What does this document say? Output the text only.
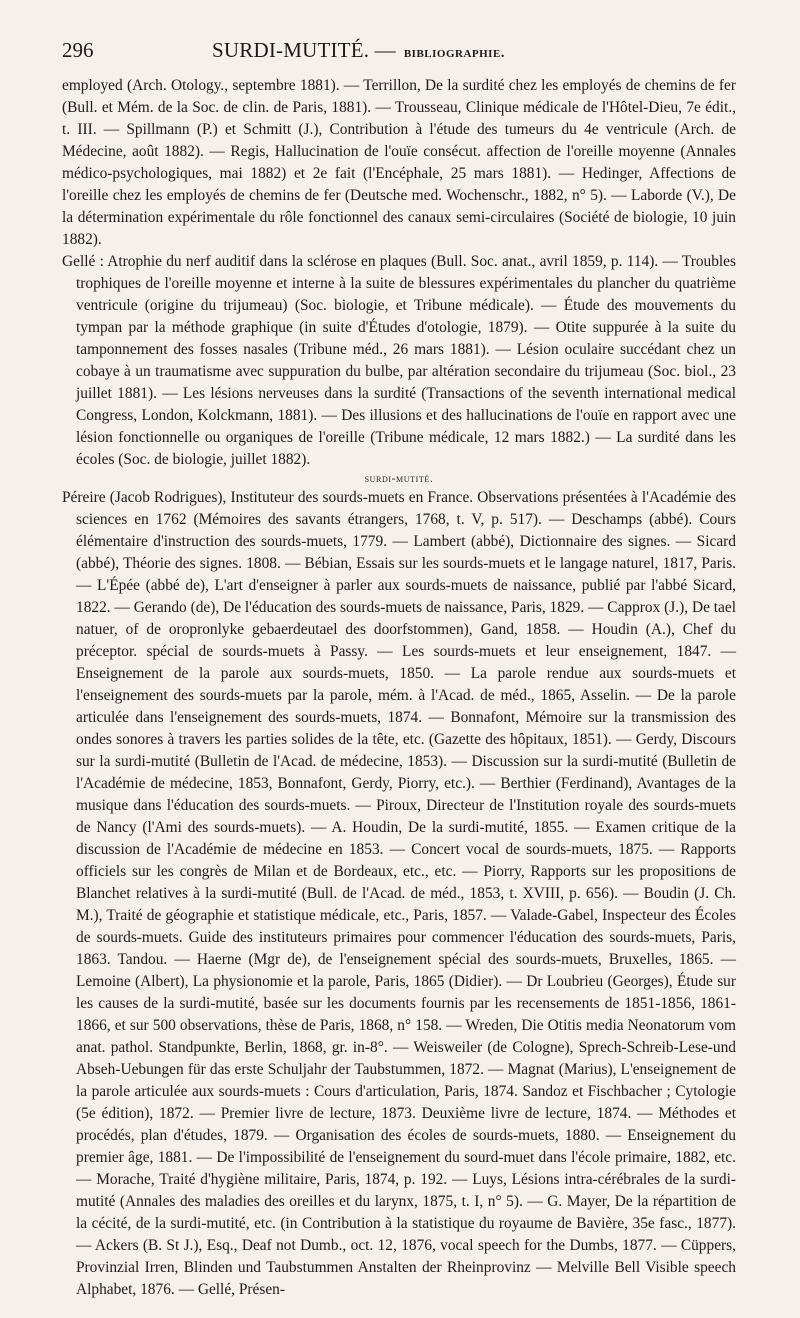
296	SURDI-MUTITÉ. — bibliographie.

employed (Arch. Otology., septembre 1881). — Terrillon, De la surdité chez les employés de chemins de fer (Bull. et Mém. de la Soc. de clin. de Paris, 1881). — Trousseau, Clinique médicale de l'Hôtel-Dieu, 7e édit., t. III. — Spillmann (P.) et Schmitt (J.), Contribution à l'étude des tumeurs du 4e ventricule (Arch. de Médecine, août 1882). — Regis, Hallucination de l'ouïe consécut. affection de l'oreille moyenne (Annales médico-psychologiques, mai 1882) et 2e fait (l'Encéphale, 25 mars 1881). — Hedinger, Affections de l'oreille chez les employés de chemins de fer (Deutsche med. Wochenschr., 1882, n° 5). — Laborde (V.), De la détermination expérimentale du rôle fonctionnel des canaux semi-circulaires (Société de biologie, 10 juin 1882).

Gellé : Atrophie du nerf auditif dans la sclérose en plaques (Bull. Soc. anat., avril 1859, p. 114). — Troubles trophiques de l'oreille moyenne et interne à la suite de blessures expérimentales du plancher du quatrième ventricule (origine du trijumeau) (Soc. biologie, et Tribune médicale). — Étude des mouvements du tympan par la méthode graphique (in suite d'Études d'otologie, 1879). — Otite suppurée à la suite du tamponnement des fosses nasales (Tribune méd., 26 mars 1881). — Lésion oculaire succédant chez un cobaye à un traumatisme avec suppuration du bulbe, par altération secondaire du trijumeau (Soc. biol., 23 juillet 1881). — Les lésions nerveuses dans la surdité (Transactions of the seventh international medical Congress, London, Kolckmann, 1881). — Des illusions et des hallucinations de l'ouïe en rapport avec une lésion fonctionnelle ou organiques de l'oreille (Tribune médicale, 12 mars 1882.) — La surdité dans les écoles (Soc. de biologie, juillet 1882).

surdi-mutité.

Péreire (Jacob Rodrigues), Instituteur des sourds-muets en France. Observations présentées à l'Académie des sciences en 1762 (Mémoires des savants étrangers, 1768, t. V, p. 517). — Deschamps (abbé). Cours élémentaire d'instruction des sourds-muets, 1779. — Lambert (abbé), Dictionnaire des signes. — Sicard (abbé), Théorie des signes. 1808. — Bébian, Essais sur les sourds-muets et le langage naturel, 1817, Paris. — L'Épée (abbé de), L'art d'enseigner à parler aux sourds-muets de naissance, publié par l'abbé Sicard, 1822. — Gerando (de), De l'éducation des sourds-muets de naissance, Paris, 1829. — Capprox (J.), De tael natuer, of de oropronlyke gebaerdeutael des doorfstommen), Gand, 1858. — Houdin (A.), Chef du préceptor. spécial de sourds-muets à Passy. — Les sourds-muets et leur enseignement, 1847. — Enseignement de la parole aux sourds-muets, 1850. — La parole rendue aux sourds-muets et l'enseignement des sourds-muets par la parole, mém. à l'Acad. de méd., 1865, Asselin. — De la parole articulée dans l'enseignement des sourds-muets, 1874. — Bonnafont, Mémoire sur la transmission des ondes sonores à travers les parties solides de la tête, etc. (Gazette des hôpitaux, 1851). — Gerdy, Discours sur la surdi-mutité (Bulletin de l'Acad. de médecine, 1853). — Discussion sur la surdi-mutité (Bulletin de l'Académie de médecine, 1853, Bonnafont, Gerdy, Piorry, etc.). — Berthier (Ferdinand), Avantages de la musique dans l'éducation des sourds-muets. — Piroux, Directeur de l'Institution royale des sourds-muets de Nancy (l'Ami des sourds-muets). — A. Houdin, De la surdi-mutité, 1855. — Examen critique de la discussion de l'Académie de médecine en 1853. — Concert vocal de sourds-muets, 1875. — Rapports officiels sur les congrès de Milan et de Bordeaux, etc., etc. — Piorry, Rapports sur les propositions de Blanchet relatives à la surdi-mutité (Bull. de l'Acad. de méd., 1853, t. XVIII, p. 656). — Boudin (J. Ch. M.), Traité de géographie et statistique médicale, etc., Paris, 1857. — Valade-Gabel, Inspecteur des Écoles de sourds-muets. Guide des instituteurs primaires pour commencer l'éducation des sourds-muets, Paris, 1863. Tandou. — Haerne (Mgr de), de l'enseignement spécial des sourds-muets, Bruxelles, 1865. — Lemoine (Albert), La physionomie et la parole, Paris, 1865 (Didier). — Dr Loubrieu (Georges), Étude sur les causes de la surdi-mutité, basée sur les documents fournis par les recensements de 1851-1856, 1861-1866, et sur 500 observations, thèse de Paris, 1868, n° 158. — Wreden, Die Otitis media Neonatorum vom anat. pathol. Standpunkte, Berlin, 1868, gr. in-8°. — Weisweiler (de Cologne), Sprech-Schreib-Lese-und Abseh-Uebungen für das erste Schuljahr der Taubstummen, 1872. — Magnat (Marius), L'enseignement de la parole articulée aux sourds-muets : Cours d'articulation, Paris, 1874. Sandoz et Fischbacher ; Cytologie (5e édition), 1872. — Premier livre de lecture, 1873. Deuxième livre de lecture, 1874. — Méthodes et procédés, plan d'études, 1879. — Organisation des écoles de sourds-muets, 1880. — Enseignement du premier âge, 1881. — De l'impossibilité de l'enseignement du sourd-muet dans l'école primaire, 1882, etc. — Morache, Traité d'hygiène militaire, Paris, 1874, p. 192. — Luys, Lésions intra-cérébrales de la surdi-mutité (Annales des maladies des oreilles et du larynx, 1875, t. I, n° 5). — G. Mayer, De la répartition de la cécité, de la surdi-mutité, etc. (in Contribution à la statistique du royaume de Bavière, 35e fasc., 1877). — Ackers (B. St J.), Esq., Deaf not Dumb., oct. 12, 1876, vocal speech for the Dumbs, 1877. — Cüppers, Provinzial Irren, Blinden und Taubstummen Anstalten der Rheinprovinz — Melville Bell Visible speech Alphabet, 1876. — Gellé, Présen-
